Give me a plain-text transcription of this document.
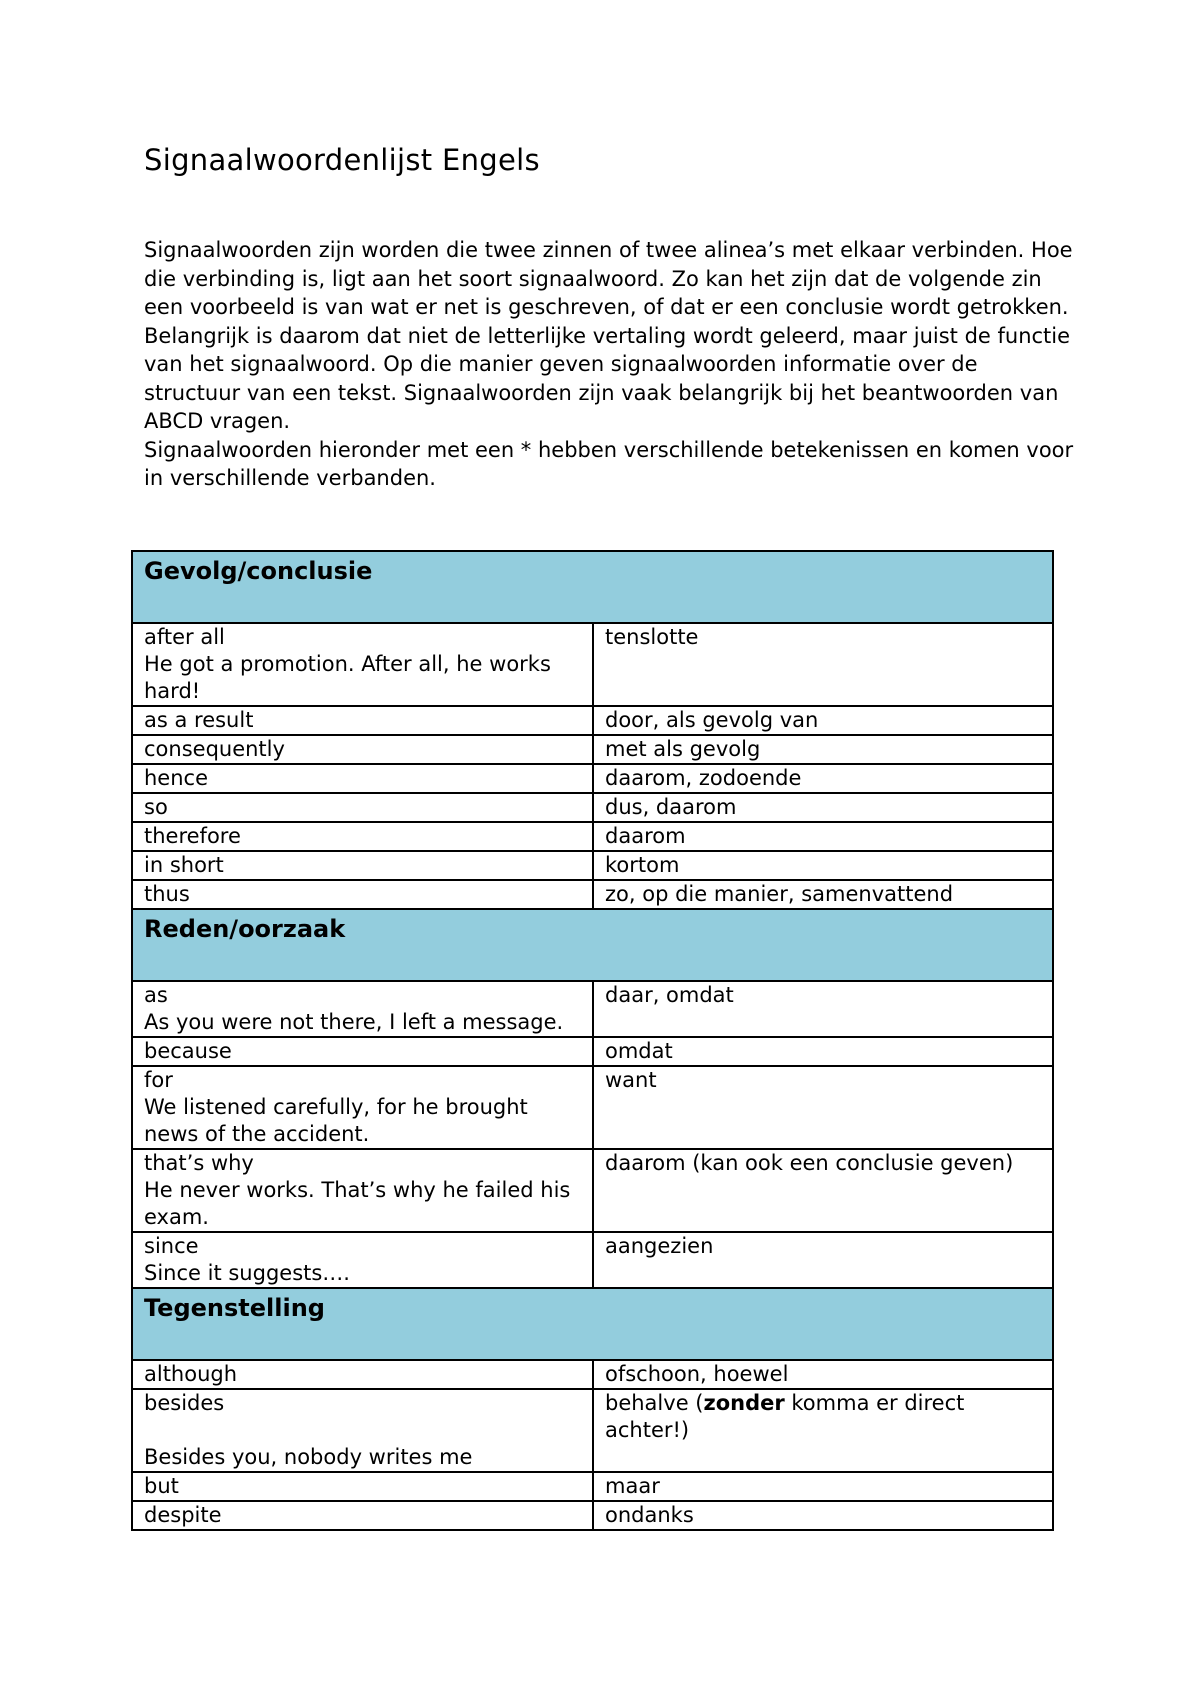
Signaalwoordenlijst Engels

Signaalwoorden zijn worden die twee zinnen of twee alinea’s met elkaar verbinden. Hoe die verbinding is, ligt aan het soort signaalwoord. Zo kan het zijn dat de volgende zin een voorbeeld is van wat er net is geschreven, of dat er een conclusie wordt getrokken. Belangrijk is daarom dat niet de letterlijke vertaling wordt geleerd, maar juist de functie van het signaalwoord. Op die manier geven signaalwoorden informatie over de structuur van een tekst. Signaalwoorden zijn vaak belangrijk bij het beantwoorden van ABCD vragen.

Signaalwoorden hieronder met een * hebben verschillende betekenissen en komen voor in verschillende verbanden.

Gevolg/conclusie	

after all
He got a promotion. After all, he works hard!	tenslotte
as a result	door, als gevolg van
consequently	met als gevolg
hence	daarom, zodoende
so	dus, daarom
therefore	daarom
in short	kortom
thus	zo, op die manier, samenvattend
Reden/oorzaak	

as
As you were not there, I left a message.	daar, omdat
because	omdat

for
We listened carefully, for he brought news of the accident.	want

that’s why
He never works. That’s why he failed his exam.	daarom (kan ook een conclusie geven)

since
Since it suggests….	aangezien
Tegenstelling	
although	ofschoon, hoewel

besides

Besides you, nobody writes me	behalve (zonder komma er direct achter!)
but	maar
despite	ondanks
